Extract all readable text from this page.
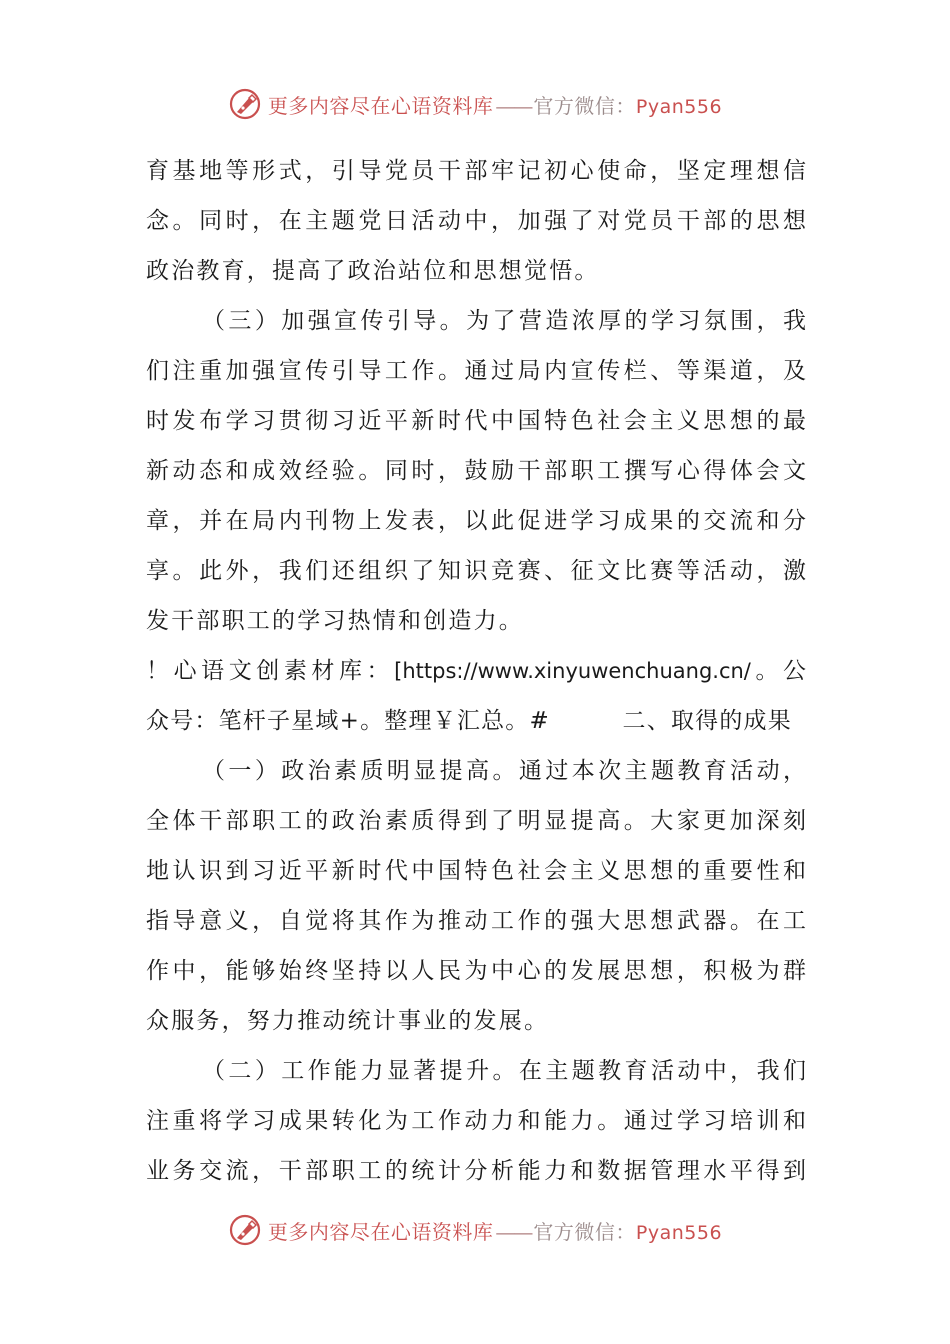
更多内容尽在心语资料库 —— 官方微信：Pyan556
育基地等形式，引导党员干部牢记初心使命，坚定理想信
念。同时，在主题党日活动中，加强了对党员干部的思想
政治教育，提高了政治站位和思想觉悟。
（三）加强宣传引导。为了营造浓厚的学习氛围，我
们注重加强宣传引导工作。通过局内宣传栏、等渠道，及
时发布学习贯彻习近平新时代中国特色社会主义思想的最
新动态和成效经验。同时，鼓励干部职工撰写心得体会文
章，并在局内刊物上发表，以此促进学习成果的交流和分
享。此外，我们还组织了知识竞赛、征文比赛等活动，激
发干部职工的学习热情和创造力。
！心语文创素材库：[https://www.xinyuwenchuang.cn/。公
众号：笔杆子星域+。整理￥汇总。#　　　二、取得的成果
（一）政治素质明显提高。通过本次主题教育活动，
全体干部职工的政治素质得到了明显提高。大家更加深刻
地认识到习近平新时代中国特色社会主义思想的重要性和
指导意义，自觉将其作为推动工作的强大思想武器。在工
作中，能够始终坚持以人民为中心的发展思想，积极为群
众服务，努力推动统计事业的发展。
（二）工作能力显著提升。在主题教育活动中，我们
注重将学习成果转化为工作动力和能力。通过学习培训和
业务交流，干部职工的统计分析能力和数据管理水平得到
更多内容尽在心语资料库 —— 官方微信：Pyan556
